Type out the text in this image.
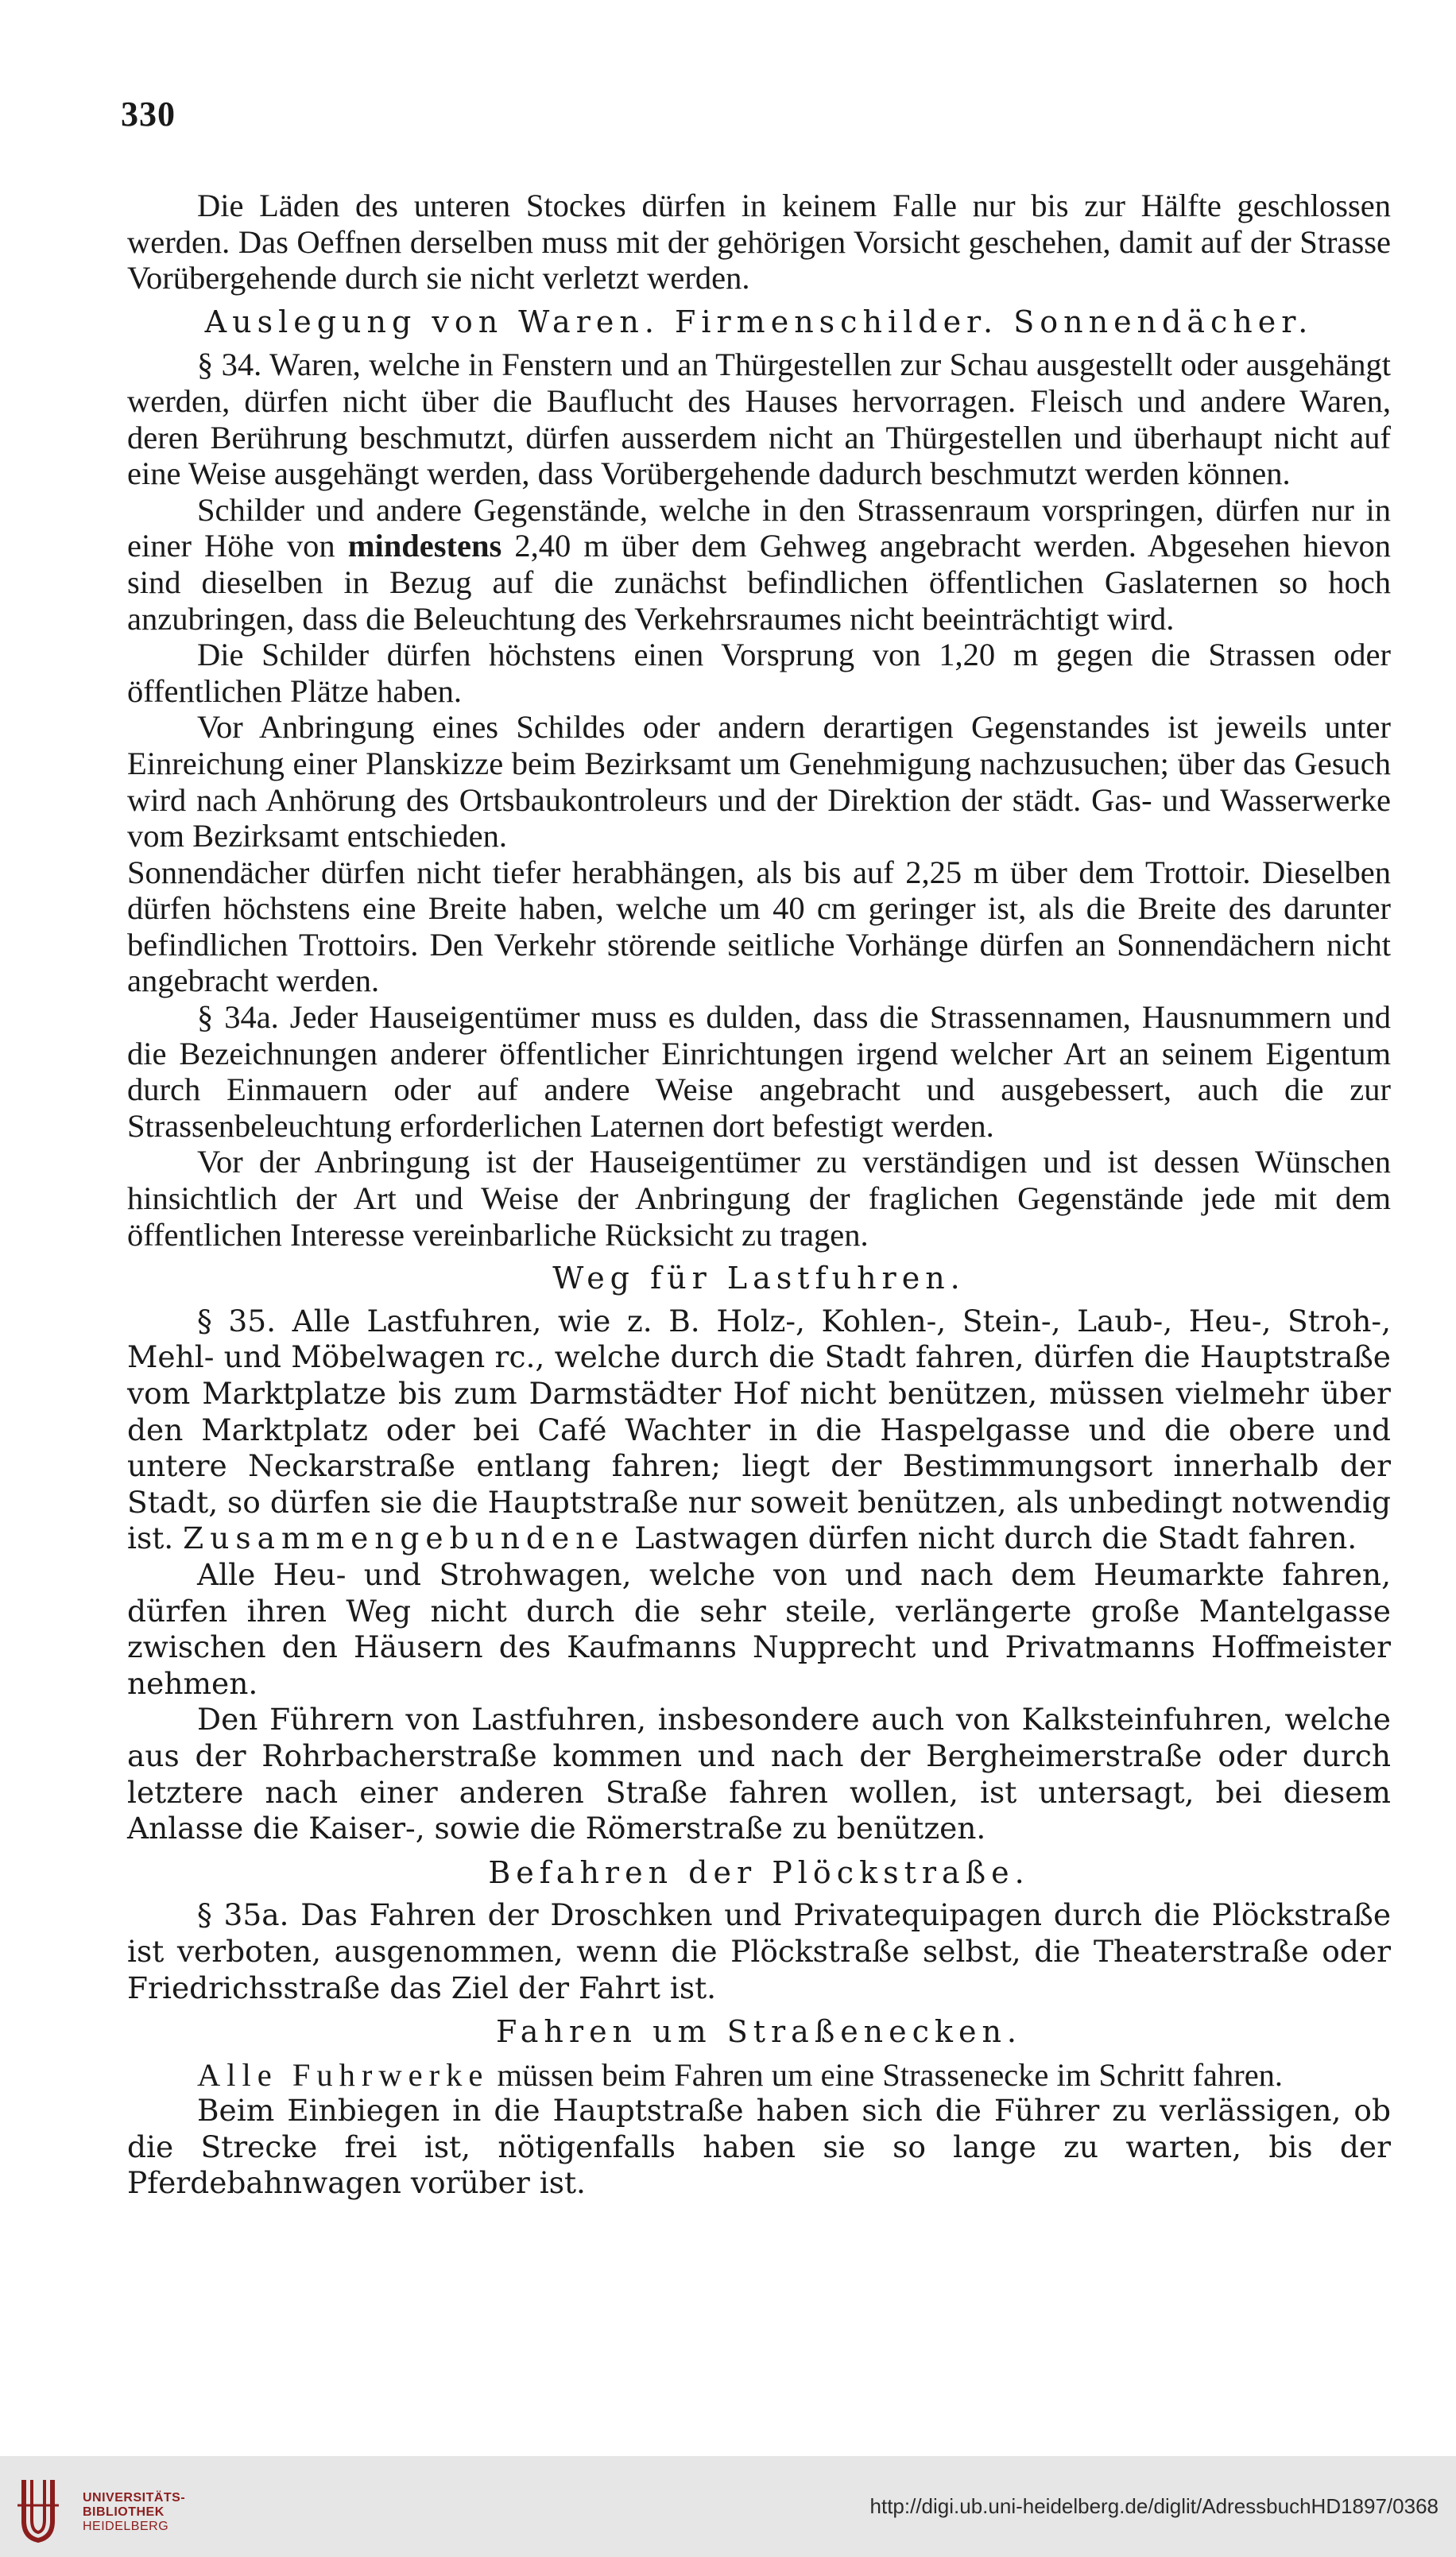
330

Die Läden des unteren Stockes dürfen in keinem Falle nur bis zur Hälfte geschlossen werden. Das Oeffnen derselben muss mit der gehörigen Vorsicht geschehen, damit auf der Strasse Vorübergehende durch sie nicht verletzt werden.

Auslegung von Waren. Firmenschilder. Sonnendächer.

§ 34. Waren, welche in Fenstern und an Thürgestellen zur Schau ausgestellt oder ausgehängt werden, dürfen nicht über die Baufluсht des Hauses hervorragen. Fleisch und andere Waren, deren Berührung beschmutzt, dürfen ausserdem nicht an Thürgestellen und überhaupt nicht auf eine Weise ausgehängt werden, dass Vorübergehende dadurch beschmutzt werden können.

Schilder und andere Gegenstände, welche in den Strassenraum vorspringen, dürfen nur in einer Höhe von mindestens 2,40 m über dem Gehweg angebracht werden. Abgesehen hievon sind dieselben in Bezug auf die zunächst befindlichen öffentlichen Gaslaternen so hoch anzubringen, dass die Beleuchtung des Verkehrsraumes nicht beeinträchtigt wird.

Die Schilder dürfen höchstens einen Vorsprung von 1,20 m gegen die Strassen oder öffentlichen Plätze haben.

Vor Anbringung eines Schildes oder andern derartigen Gegenstandes ist jeweils unter Einreichung einer Planskizze beim Bezirksamt um Genehmigung nachzusuchen; über das Gesuch wird nach Anhörung des Ortsbaukontroleurs und der Direktion der städt. Gas- und Wasserwerke vom Bezirksamt entschieden.

Sonnendächer dürfen nicht tiefer herabhängen, als bis auf 2,25 m über dem Trottoir. Dieselben dürfen höchstens eine Breite haben, welche um 40 cm geringer ist, als die Breite des darunter befindlichen Trottoirs. Den Verkehr störende seitliche Vorhänge dürfen an Sonnendächern nicht angebracht werden.

§ 34a. Jeder Hauseigentümer muss es dulden, dass die Strassennamen, Hausnummern und die Bezeichnungen anderer öffentlicher Einrichtungen irgend welcher Art an seinem Eigentum durch Einmauern oder auf andere Weise angebracht und ausgebessert, auch die zur Strassenbeleuchtung erforderlichen Laternen dort befestigt werden.

Vor der Anbringung ist der Hauseigentümer zu verständigen und ist dessen Wünschen hinsichtlich der Art und Weise der Anbringung der fraglichen Gegenstände jede mit dem öffentlichen Interesse vereinbarliche Rücksicht zu tragen.

Weg für Lastfuhren.

§ 35. Alle Lastfuhren, wie z. B. Holz-, Kohlen-, Stein-, Laub-, Heu-, Stroh-, Mehl- und Möbelwagen rc., welche durch die Stadt fahren, dürfen die Hauptstraße vom Marktplatze bis zum Darmstädter Hof nicht benützen, müssen vielmehr über den Marktplatz oder bei Café Wachter in die Haspelgasse und die obere und untere Neckarstraße entlang fahren; liegt der Bestimmungsort innerhalb der Stadt, so dürfen sie die Hauptstraße nur soweit benützen, als unbedingt notwendig ist. Zusammengebundene Lastwagen dürfen nicht durch die Stadt fahren.

Alle Heu- und Strohwagen, welche von und nach dem Heumarkte fahren, dürfen ihren Weg nicht durch die sehr steile, verlängerte große Mantelgasse zwischen den Häusern des Kaufmanns Nupprecht und Privatmanns Hoffmeister nehmen.

Den Führern von Lastfuhren, insbesondere auch von Kalksteinfuhren, welche aus der Rohrbacherstraße kommen und nach der Bergheimerstraße oder durch letztere nach einer anderen Straße fahren wollen, ist untersagt, bei diesem Anlasse die Kaiser-, sowie die Römerstraße zu benützen.

Befahren der Plöckstraße.

§ 35a. Das Fahren der Droschken und Privatequipagen durch die Plöckstraße ist verboten, ausgenommen, wenn die Plöckstraße selbst, die Theaterstraße oder Friedrichsstraße das Ziel der Fahrt ist.

Fahren um Straßenecken.

Alle Fuhrwerke müssen beim Fahren um eine Strassenecke im Schritt fahren.

Beim Einbiegen in die Hauptstraße haben sich die Führer zu verlässigen, ob die Strecke frei ist, nötigenfalls haben sie so lange zu warten, bis der Pferdebahnwagen vorüber ist.

UNIVERSITÄTS-
BIBLIOTHEK
HEIDELBERG
http://digi.ub.uni-heidelberg.de/diglit/AdressbuchHD1897/0368
